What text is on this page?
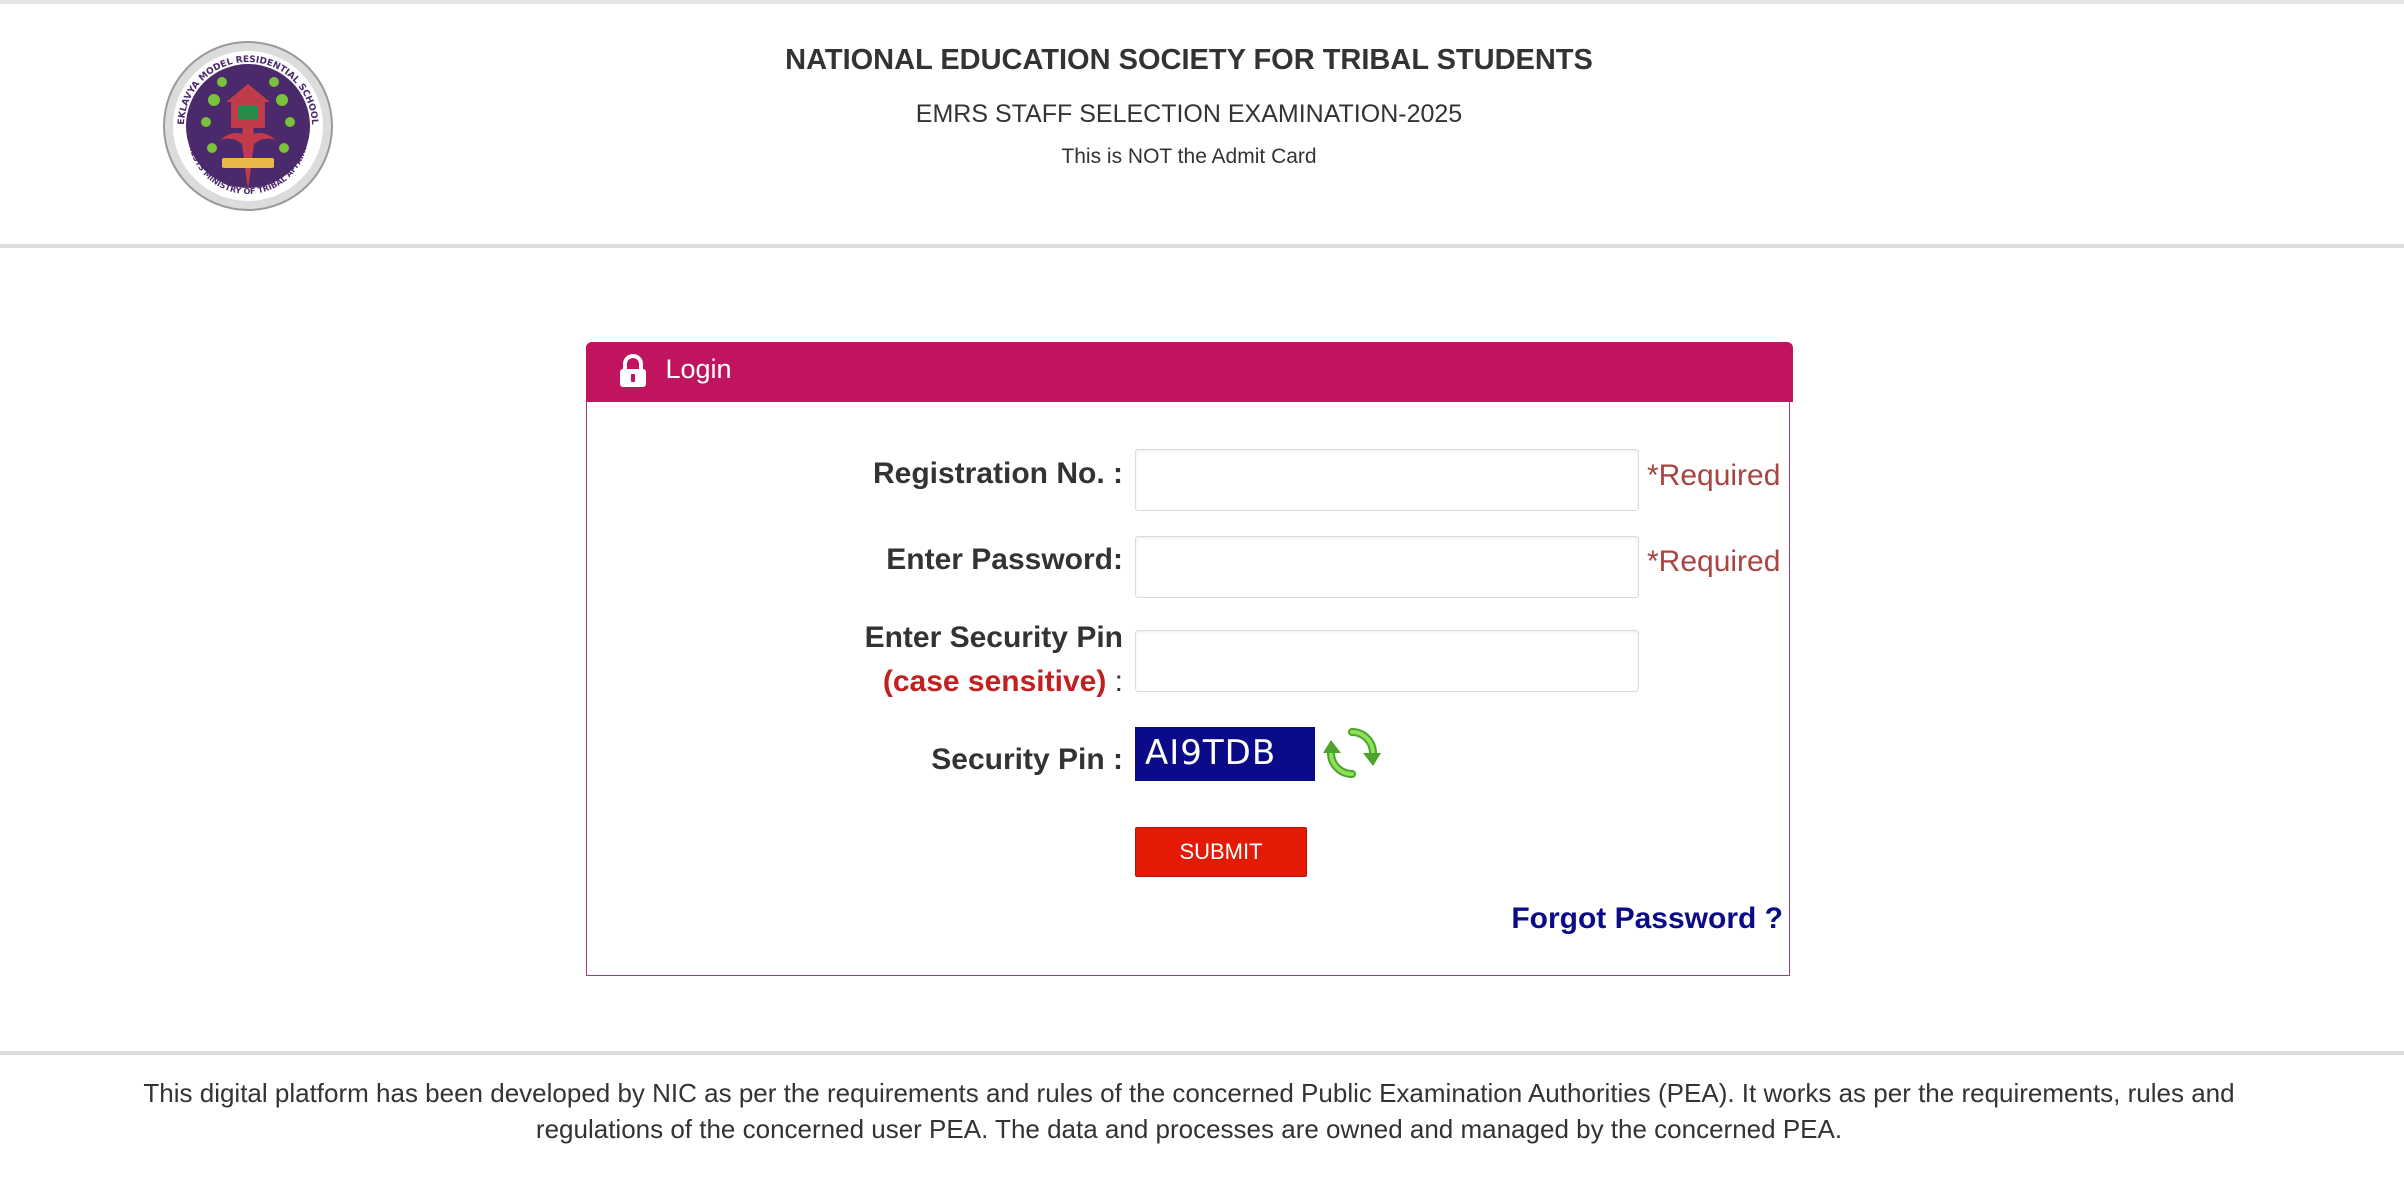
EKLAVYA MODEL RESIDENTIAL SCHOOL
NESTS MINISTRY OF TRIBAL AFFAIRS
NATIONAL EDUCATION SOCIETY FOR TRIBAL STUDENTS
EMRS STAFF SELECTION EXAMINATION-2025
This is NOT the Admit Card
Login
Registration No. :	*Required
Enter Password:	*Required
Enter Security Pin
(case sensitive) :
Security Pin : AI9TDB
SUBMIT
Forgot Password ?

This digital platform has been developed by NIC as per the requirements and rules of the concerned Public Examination Authorities (PEA). It works as per the requirements, rules and regulations of the concerned user PEA. The data and processes are owned and managed by the concerned PEA.
